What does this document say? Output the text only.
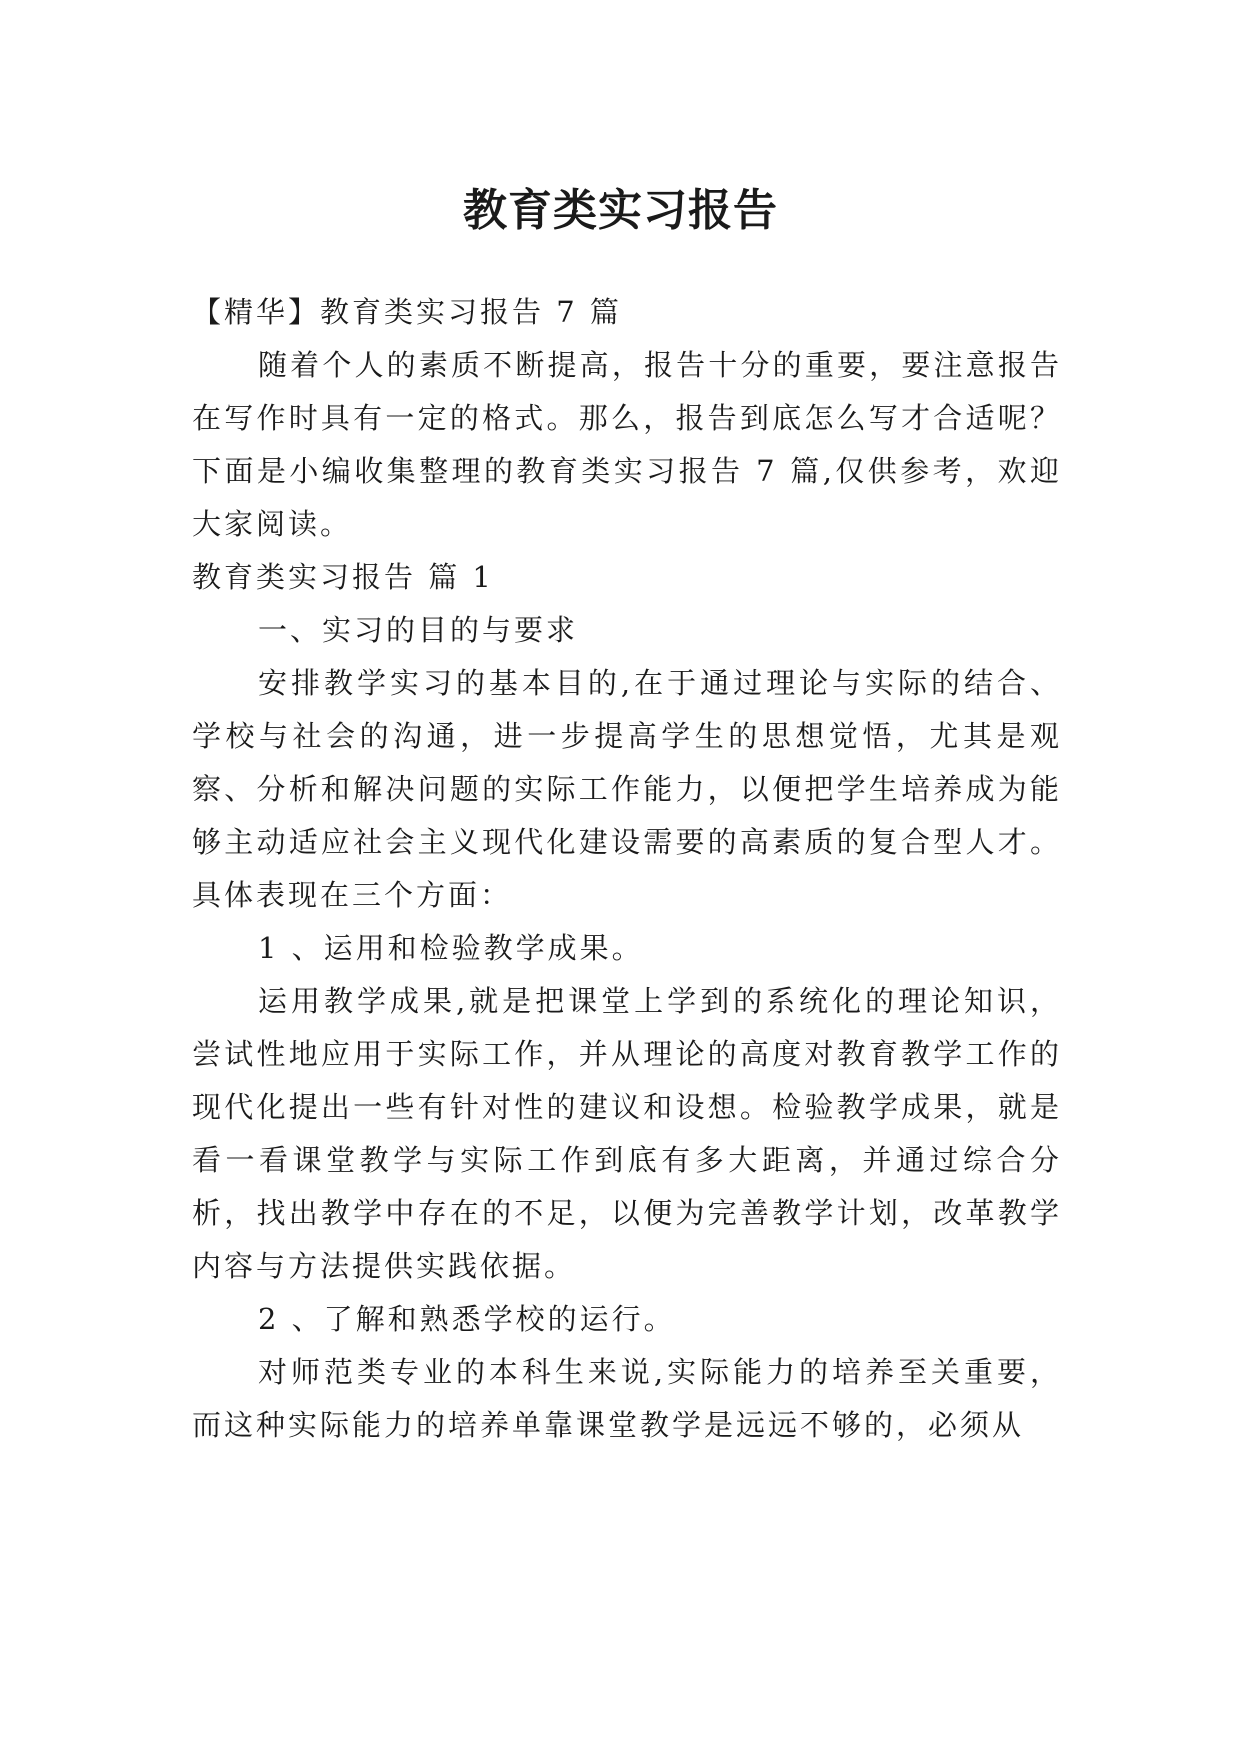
教育类实习报告

【精华】教育类实习报告 7 篇

随着个人的素质不断提高，报告十分的重要，要注意报告在写作时具有一定的格式。那么，报告到底怎么写才合适呢？下面是小编收集整理的教育类实习报告 7 篇,仅供参考，欢迎大家阅读。

教育类实习报告 篇 1

一、实习的目的与要求

安排教学实习的基本目的,在于通过理论与实际的结合、学校与社会的沟通，进一步提高学生的思想觉悟，尤其是观察、分析和解决问题的实际工作能力，以便把学生培养成为能够主动适应社会主义现代化建设需要的高素质的复合型人才。具体表现在三个方面：

1 、运用和检验教学成果。

运用教学成果,就是把课堂上学到的系统化的理论知识，尝试性地应用于实际工作，并从理论的高度对教育教学工作的现代化提出一些有针对性的建议和设想。检验教学成果，就是看一看课堂教学与实际工作到底有多大距离，并通过综合分析，找出教学中存在的不足，以便为完善教学计划，改革教学内容与方法提供实践依据。

2 、了解和熟悉学校的运行。

对师范类专业的本科生来说,实际能力的培养至关重要，而这种实际能力的培养单靠课堂教学是远远不够的，必须从
